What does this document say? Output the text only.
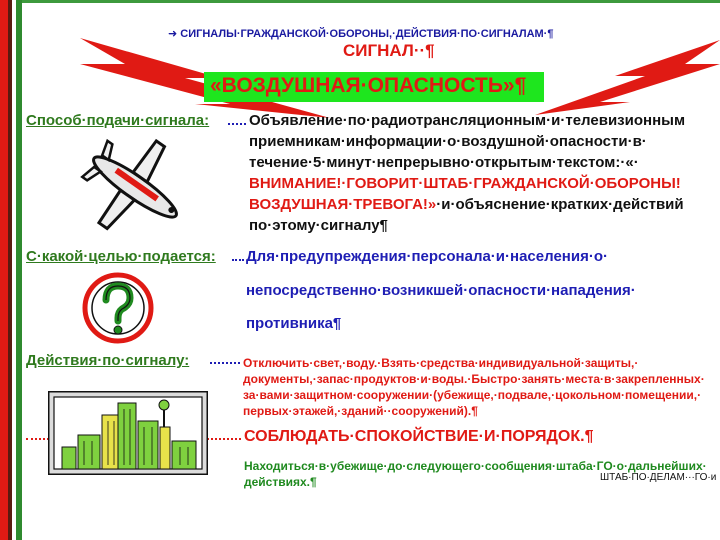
➜ СИГНАЛЫ·ГРАЖДАНСКОЙ·ОБОРОНЫ,·ДЕЙСТВИЯ·ПО·СИГНАЛАМ·¶
СИГНАЛ··¶
«ВОЗДУШНАЯ·ОПАСНОСТЬ»¶
Способ·подачи·сигнала:	Объявление·по·радиотрансляционным·и·телевизионным
приемникам·информации·о·воздушной·опасности·в·
течение·5·минут·непрерывно·открытым·текстом:·«·
ВНИМАНИЕ!·ГОВОРИТ·ШТАБ·ГРАЖДАНСКОЙ·ОБОРОНЫ!
ВОЗДУШНАЯ·ТРЕВОГА!»·и·объяснение·кратких·действий
по·этому·сигналу¶
С·какой·целью·подается: Для·предупреждения·персонала·и·населения·о·
непосредственно·возникшей·опасности·нападения·
противника¶
Действия·по·сигналу:	Отключить·свет,·воду.·Взять·средства·индивидуальной·защиты,·
документы,·запас·продуктов·и·воды.·Быстро·занять·места·в·закрепленных·
за·вами·защитном·сооружении·(убежище,·подвале,·цокольном·помещении,·
первых·этажей,·зданий··сооружений).¶
СОБЛЮДАТЬ·СПОКОЙСТВИЕ·И·ПОРЯДОК.¶
Находиться·в·убежище·до·следующего·сообщения·штаба·ГО·о·дальнейших·
действиях.¶	ШТАБ·ПО·ДЕЛАМ···ГО·и
